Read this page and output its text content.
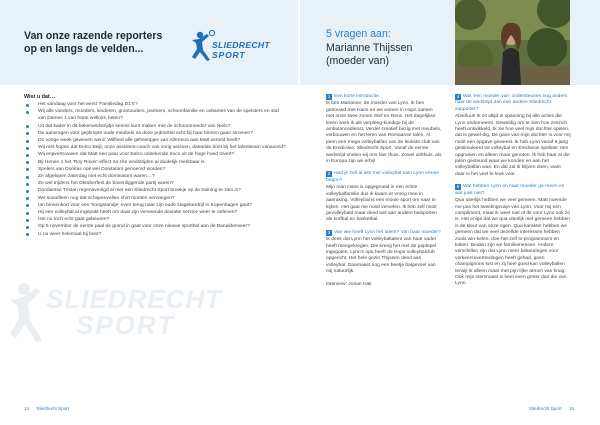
Van onze razende reporters
op en langs de velden...	SLIEDRECHT
SPORT
Wist u dat…
Het vandaag voor het eerst 'Familiedag D1's'?
Wij alle voeders, moeders, kinderen, grootouders, partners, schoonfamilie en ooltantes van de spelsters en staf van Dames 1 van harte welkom heten?
Uit dat kader in dit bekerwedstrijdje kennis kunt maken met de schoonmoeder van Niels?
De aanvragen voor geplimpte oude meubels na deze publiciteit echt bij haar binnen gaan stromen?
D1 vorige week geweven werd: Wilfried alle geheimpjes van Altermoa aan Matt verteld heeft?
Wij met hopen dat Eelco Beijl, onze assistent-coach van vorig seizoen, dateelde doet bij het talentteam vanavond?
Wij enpvertrouwen dat Matt een paar voor Eelco onbekende trucs uit de hoge hoed tovert?
Bij Henen 1 het 'Roy Rover'-effect na zíte wedstrijden al duidelijk merkbaar is.
Spelers van Donitas ook wel Donitators genoemd worden?
Ze afgelopen zaterdag niet echt dominators waren…?
Ze wel trijdens het Oktoberfest de bovenliggende partij waren?
Dordiantse Tristan regenaveolgd al met een Sliedrecht Sport broekje op de training te zien is?
We snoutlleen nog dat schapenvellen shirt moeten vervangen?
Ian binnenkort voor een 'hoogstandje' even terug naar zijn oude stageberdrijf in Kopenhagen gaat?
Hij een volleybal al ingepakt heeft om daar zijn verseende deviatie service weer te oefenen?
Het nu toch echt gaat gebeuren?
Op 5 november de eerste paal de grond in gaat voor onze nieuwe sporthal aan de Baneldenveer?
U nu weer helemaal bij bent?
SLIEDRECHT
SPORT
14 Sliedrecht Sport
5 vragen aan:
Marianne Thijssen
(moeder van)
1 Een korte introductie
Ik ben Marianne, de moeder van Lynn. Ik ben getrouwd met Hans en we wonen in Hups samen met onze twee zonen Stef en Rens. Het dagelijkse leven werk ik als verpleeg-kundige bij de ambulancedienst. Verder creatief bezig met meubels, verbouwen en het leren van Romaanse talen. Al jaren een mega volleybalfan van de leukste club van de Eredivisie: Sliedrecht Sport. Vanaf de eerste wedstrijd snelen wij ons hier thuis. Zowel uit/thuis, als in Europa zijn we erbij!
2 Had je zelf al iets met volleybal toen Lynn ermee begon?
Mijn man Hans is opgegroeid in een echte volleybalfamilie dus ik kwam er vroeg mee in aanraking. Volleybal is een mooie sport om naar te kijken. Het gaat me nooit vervelen. Ik heb zelf nooit gevolleybald maar deed wel aan andere balsporten als korfbal en basketbal.
3 Van wie heeft Lynn het talent? Van haar moeder?
Ik denk dat Lynn het volleybaltalent van haar vader heeft meegekregen. Die kreeg het met de paplepel ingegoten. Lynn's opa heeft de Hups volleybalclub opgericht. Het hele gezin Thijssen deed aan volleybal. Daarnaast nog een beetje balgevoel van mij natuurlijk.
Interview: Jorian Hak
4 Wat 'een moeder van' ondersteunen nog anders naar de wedstrijd dan een andere Sliedrecht supporter?
Absoluut! Ik zit altijd in spanning bij alle acties die Lynn onderneemt. Geweldig om te zien hoe zeszich heeft ontwikkeld. Ik zie hoe veel mijn dochter spelen, dat is gewel-dig. De gave van mijn dochter is voor mij nooit een opgave geweest. Ik heb Lynn vanaf 6 jarig gestimuleerd tot volleybal en Eredivisie spelster zien opgroeien en alleen maar genoten. Ik heb haar al die jaren gesteund waar we konden en aan het volleybalfan was. En dat zal ik blijven doen, want daar is het veel te leuk voor.
5 Wat hebben Lynn en haar moeder ge-meen en wat juist niet?
Qua uiterlijk hebben we veel gemeen. Matt noemde me pas het tweelingzusje van Lynn. Voor mij een compliment, maar ik weet niet of dit voor Lynn ook zo is. Het enige dat we qua uiterlijk niet gemeen hebben is de kleur van onze ogen. Qua karakter hebben we gemeen dat we veel dezelfde interesses hebben zoals win-kelen, doe-het-zelf tv-programma's en koken. Beiden zijn we familiemensen. Andere verschillen zijn dat Lynn meer bekeuringen voor verkeersovertredingen heeft gehad, geen champignons lust en zij heel goed kan volleyballen terwijl ik alleen maar met pijn-lijke armen van kruig. Ook mijn stemnaast is heel even groter dan die van Lynn.
Sliedrecht Sport 15
